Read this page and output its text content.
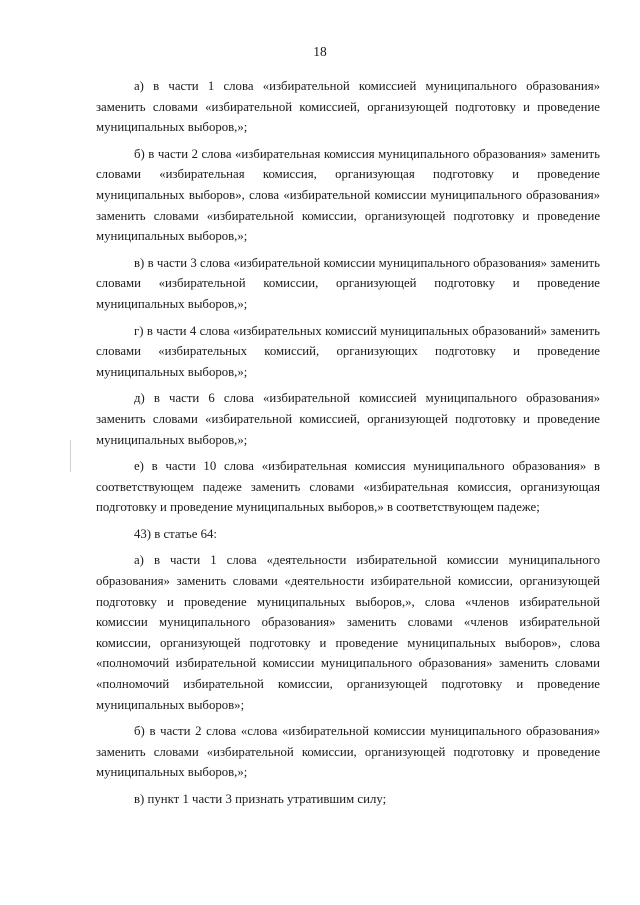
18

а) в части 1 слова «избирательной комиссией муниципального образования» заменить словами «избирательной комиссией, организующей подготовку и проведение муниципальных выборов,»;

б) в части 2 слова «избирательная комиссия муниципального образования» заменить словами «избирательная комиссия, организующая подготовку и проведение муниципальных выборов», слова «избирательной комиссии муниципального образования» заменить словами «избирательной комиссии, организующей подготовку и проведение муниципальных выборов,»;

в) в части 3 слова «избирательной комиссии муниципального образования» заменить словами «избирательной комиссии, организующей подготовку и проведение муниципальных выборов,»;

г) в части 4 слова «избирательных комиссий муниципальных образований» заменить словами «избирательных комиссий, организующих подготовку и проведение муниципальных выборов,»;

д) в части 6 слова «избирательной комиссией муниципального образования» заменить словами «избирательной комиссией, организующей подготовку и проведение муниципальных выборов,»;

е) в части 10 слова «избирательная комиссия муниципального образования» в соответствующем падеже заменить словами «избирательная комиссия, организующая подготовку и проведение муниципальных выборов,» в соответствующем падеже;

43) в статье 64:

а) в части 1 слова «деятельности избирательной комиссии муниципального образования» заменить словами «деятельности избирательной комиссии, организующей подготовку и проведение муниципальных выборов,», слова «членов избирательной комиссии муниципального образования» заменить словами «членов избирательной комиссии, организующей подготовку и проведение муниципальных выборов», слова «полномочий избирательной комиссии муниципального образования» заменить словами «полномочий избирательной комиссии, организующей подготовку и проведение муниципальных выборов»;

б) в части 2 слова «слова «избирательной комиссии муниципального образования» заменить словами «избирательной комиссии, организующей подготовку и проведение муниципальных выборов,»;

в) пункт 1 части 3 признать утратившим силу;
